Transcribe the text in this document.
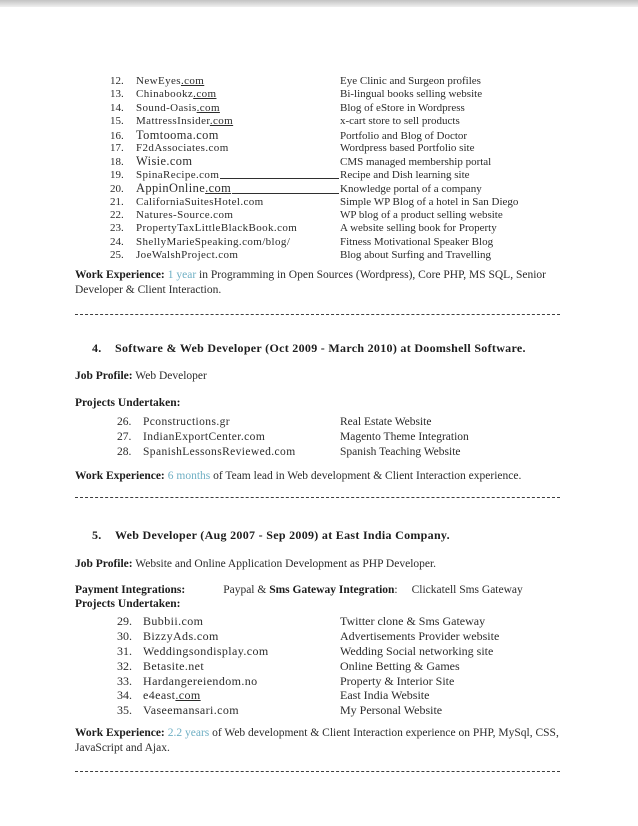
12.	NewEyes.com	Eye Clinic and Surgeon profiles
13.	Chinabookz.com	Bi-lingual books selling website
14.	Sound-Oasis.com	Blog of eStore in Wordpress
15.	MattressInsider.com	x-cart store to sell products
16. Tomtooma.com	Portfolio and Blog of Doctor
17.	F2dAssociates.com	Wordpress based Portfolio site
18. Wisie.com	CMS managed membership portal
19.	SpinaRecipe.com	Recipe and Dish learning site
20. AppinOnline.com	Knowledge portal of a company
21.	CaliforniaSuitesHotel.com	Simple WP Blog of a hotel in San Diego
22.	Natures-Source.com	WP blog of a product selling website
23.	PropertyTaxLittleBlackBook.com	A website selling book for Property
24.	ShellyMarieSpeaking.com/blog/	Fitness Motivational Speaker Blog
25.	JoeWalshProject.com	Blog about Surfing and Travelling

Work Experience: 1 year in Programming in Open Sources (Wordpress), Core PHP, MS SQL, Senior Developer & Client Interaction.

4. Software & Web Developer (Oct 2009 - March 2010) at Doomshell Software.

Job Profile: Web Developer

Projects Undertaken:

26.	Pconstructions.gr	Real Estate Website
27.	IndianExportCenter.com	Magento Theme Integration
28.	SpanishLessonsReviewed.com	Spanish Teaching Website

Work Experience: 6 months of Team lead in Web development & Client Interaction experience.

5. Web Developer (Aug 2007 - Sep 2009) at East India Company.

Job Profile: Website and Online Application Development as PHP Developer.

Payment Integrations:	Paypal & Sms Gateway Integration: Clickatell Sms Gateway

Projects Undertaken:

29. Bubbii.com	Twitter clone & Sms Gateway
30. BizzyAds.com	Advertisements Provider website
31. Weddingsondisplay.com	Wedding Social networking site
32. Betasite.net	Online Betting & Games
33. Hardangereiendom.no	Property & Interior Site
34. e4east.com	East India Website
35. Vaseemansari.com	My Personal Website

Work Experience: 2.2 years of Web development & Client Interaction experience on PHP, MySql, CSS, JavaScript and Ajax.
